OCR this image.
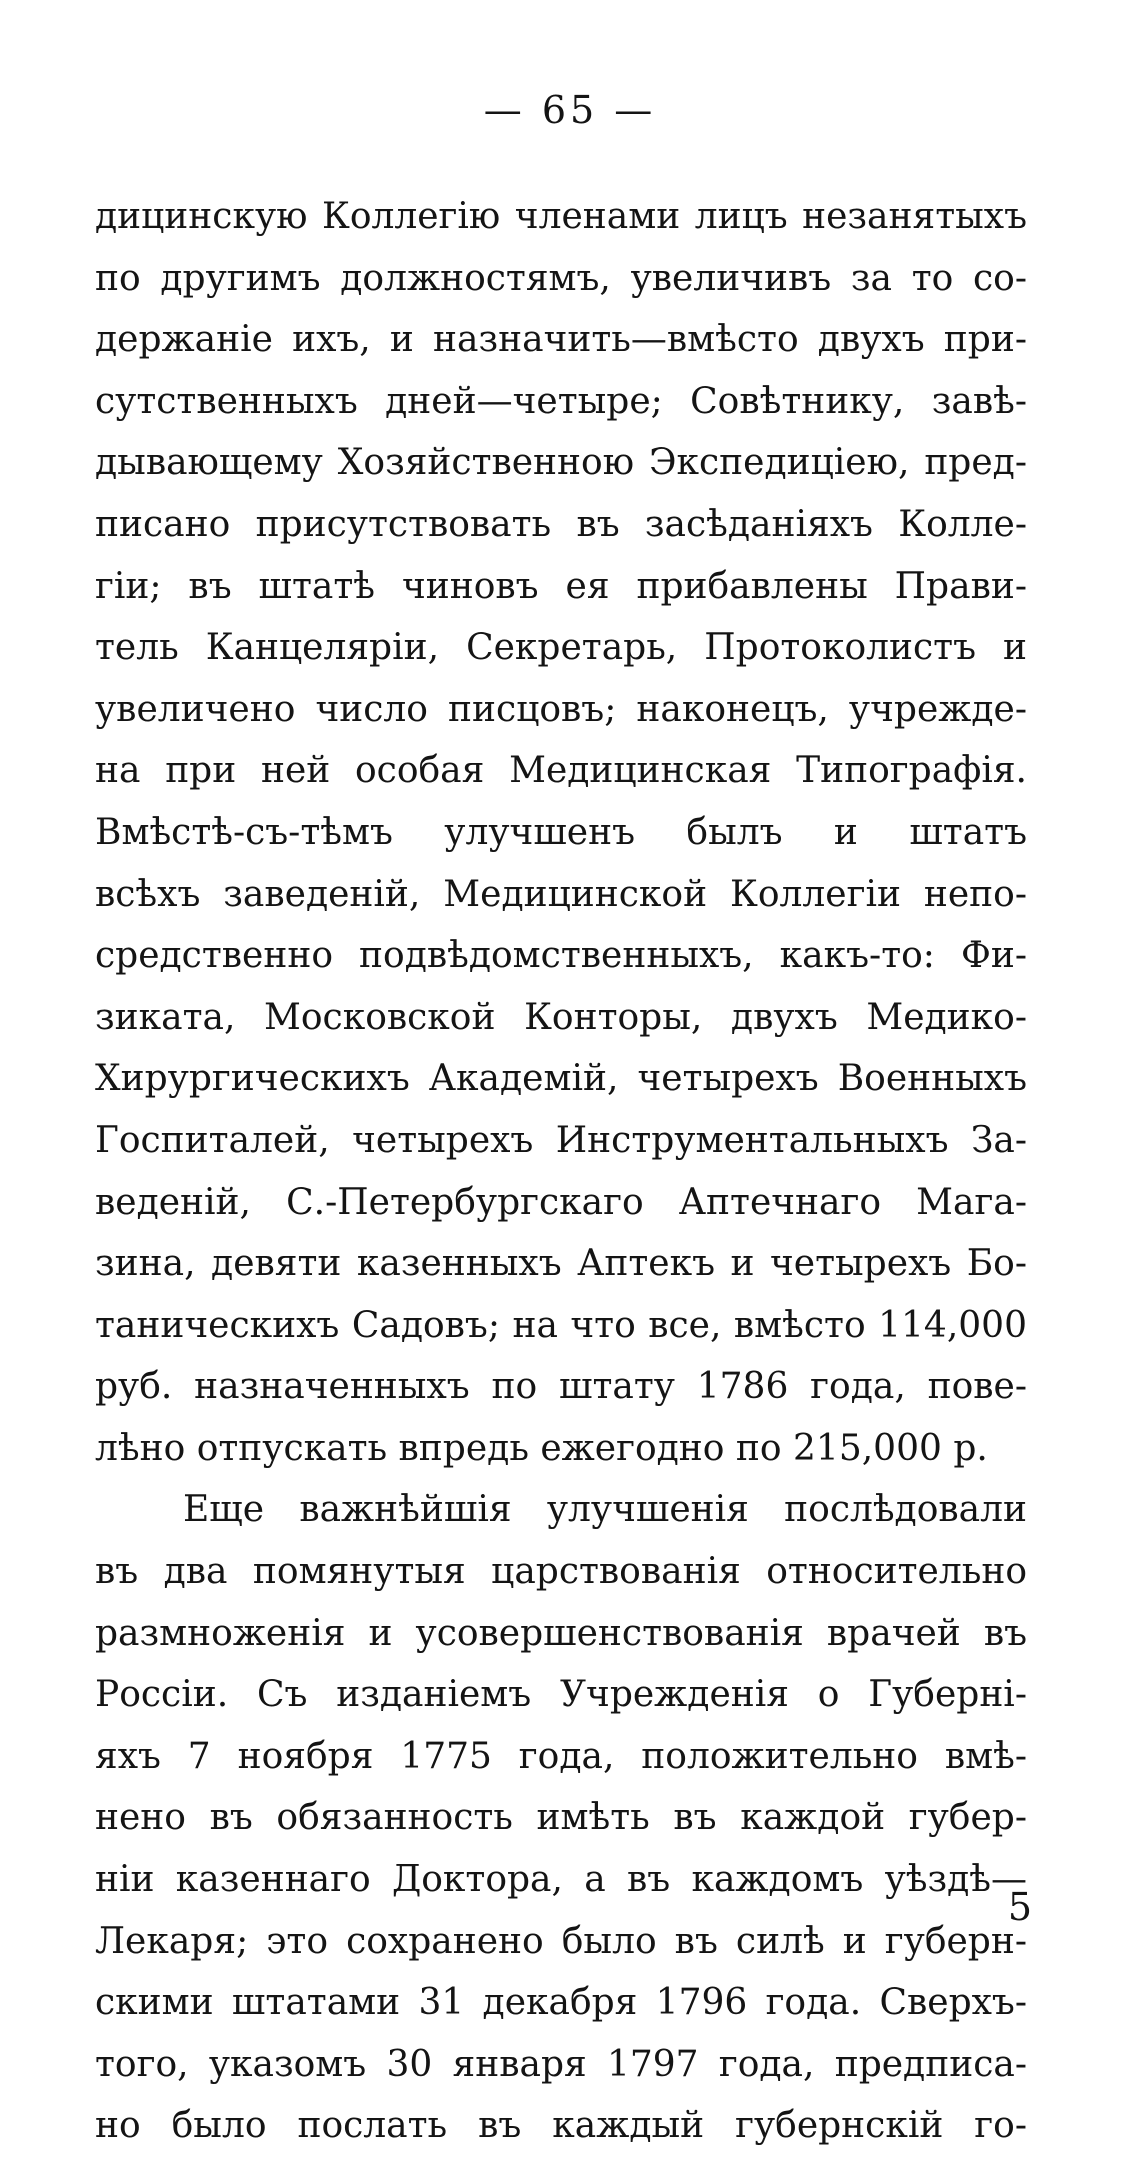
— 65 —
дицинскую Коллегію членами лицъ незанятыхъ
по другимъ должностямъ, увеличивъ за то со-
держаніе ихъ, и назначить—вмѣсто двухъ при-
сутственныхъ дней—четыре; Совѣтнику, завѣ-
дывающему Хозяйственною Экспедиціею, пред-
писано присутствовать въ засѣданіяхъ Колле-
гіи; въ штатѣ чиновъ ея прибавлены Прави-
тель Канцеляріи, Секретарь, Протоколистъ и
увеличено число писцовъ; наконецъ, учрежде-
на при ней особая Медицинская Типографія.
Вмѣстѣ-съ-тѣмъ улучшенъ былъ и штатъ
всѣхъ заведеній, Медицинской Коллегіи непо-
средственно подвѣдомственныхъ, какъ-то: Фи-
зиката, Московской Конторы, двухъ Медико-
Хирургическихъ Академій, четырехъ Военныхъ
Госпиталей, четырехъ Инструментальныхъ За-
веденій, С.-Петербургскаго Аптечнаго Мага-
зина, девяти казенныхъ Аптекъ и четырехъ Бо-
таническихъ Садовъ; на что все, вмѣсто 114,000
руб. назначенныхъ по штату 1786 года, пове-
лѣно отпускать впредь ежегодно по 215,000 р.
Еще важнѣйшія улучшенія послѣдовали
въ два помянутыя царствованія относительно
размноженія и усовершенствованія врачей въ
Россіи. Съ изданіемъ Учрежденія о Губерні-
яхъ 7 ноября 1775 года, положительно вмѣ-
нено въ обязанность имѣть въ каждой губер-
ніи казеннаго Доктора, а въ каждомъ уѣздѣ—
Лекаря; это сохранено было въ силѣ и губерн-
скими штатами 31 декабря 1796 года. Сверхъ-
того, указомъ 30 января 1797 года, предписа-
но было послать въ каждый губернскій го-
5
